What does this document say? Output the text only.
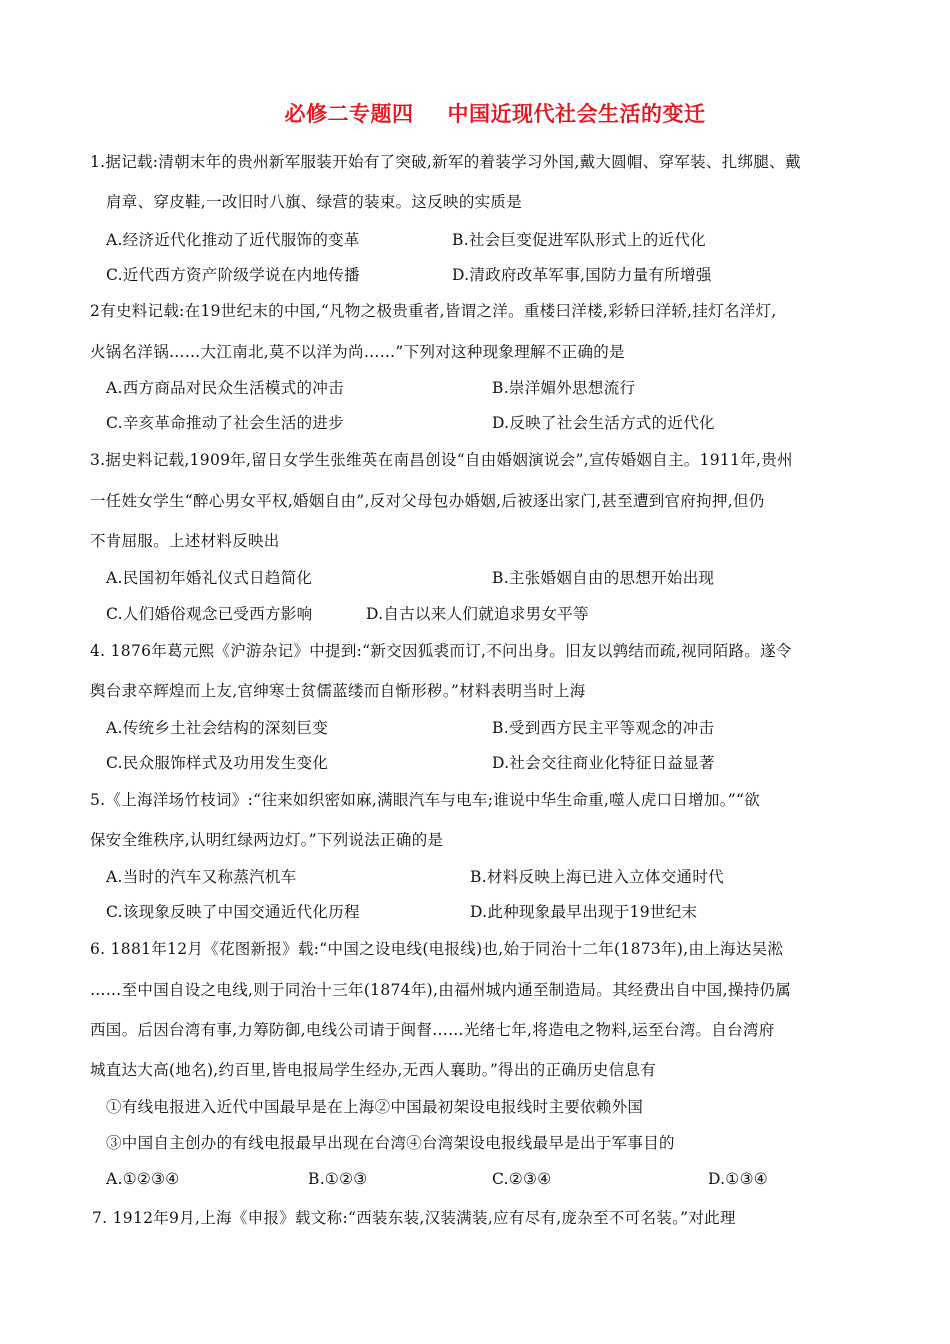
必修二专题四 中国近现代社会生活的变迁
1.据记载:清朝末年的贵州新军服装开始有了突破,新军的着装学习外国,戴大圆帽、穿军装、扎绑腿、戴
肩章、穿皮鞋,一改旧时八旗、绿营的装束。这反映的实质是
A.经济近代化推动了近代服饰的变革	B.社会巨变促进军队形式上的近代化
C.近代西方资产阶级学说在内地传播	D.清政府改革军事,国防力量有所增强
2有史料记载:在19世纪末的中国,“凡物之极贵重者,皆谓之洋。重楼曰洋楼,彩轿曰洋轿,挂灯名洋灯,
火锅名洋锅……大江南北,莫不以洋为尚……”下列对这种现象理解不正确的是
A.西方商品对民众生活模式的冲击	B.崇洋媚外思想流行
C.辛亥革命推动了社会生活的进步	D.反映了社会生活方式的近代化
3.据史料记载,1909年,留日女学生张维英在南昌创设“自由婚姻演说会”,宣传婚姻自主。1911年,贵州
一任姓女学生“醉心男女平权,婚姻自由”,反对父母包办婚姻,后被逐出家门,甚至遭到官府拘押,但仍
不肯屈服。上述材料反映出
A.民国初年婚礼仪式日趋简化	B.主张婚姻自由的思想开始出现
C.人们婚俗观念已受西方影响	D.自古以来人们就追求男女平等
4. 1876年葛元熙《沪游杂记》中提到:“新交因狐裘而订,不问出身。旧友以鹑结而疏,视同陌路。遂令
舆台隶卒辉煌而上友,官绅寒士贫儒蓝缕而自惭形秽。”材料表明当时上海
A.传统乡土社会结构的深刻巨变	B.受到西方民主平等观念的冲击
C.民众服饰样式及功用发生变化	D.社会交往商业化特征日益显著
5.《上海洋场竹枝词》:“往来如织密如麻,满眼汽车与电车;谁说中华生命重,噬人虎口日增加。”“欲
保安全维秩序,认明红绿两边灯。”下列说法正确的是
A.当时的汽车又称蒸汽机车	B.材料反映上海已进入立体交通时代
C.该现象反映了中国交通近代化历程	D.此种现象最早出现于19世纪末
6. 1881年12月《花图新报》载:“中国之设电线(电报线)也,始于同治十二年(1873年),由上海达吴淞
……至中国自设之电线,则于同治十三年(1874年),由福州城内通至制造局。其经费出自中国,操持仍属
西国。后因台湾有事,力筹防御,电线公司请于闽督……光绪七年,将造电之物料,运至台湾。自台湾府
城直达大高(地名),约百里,皆电报局学生经办,无西人襄助。”得出的正确历史信息有
①有线电报进入近代中国最早是在上海②中国最初架设电报线时主要依赖外国
③中国自主创办的有线电报最早出现在台湾④台湾架设电报线最早是出于军事目的
A.①②③④	B.①②③	C.②③④	D.①③④
7. 1912年9月,上海《申报》载文称:“西装东装,汉装满装,应有尽有,庞杂至不可名装。”对此理
